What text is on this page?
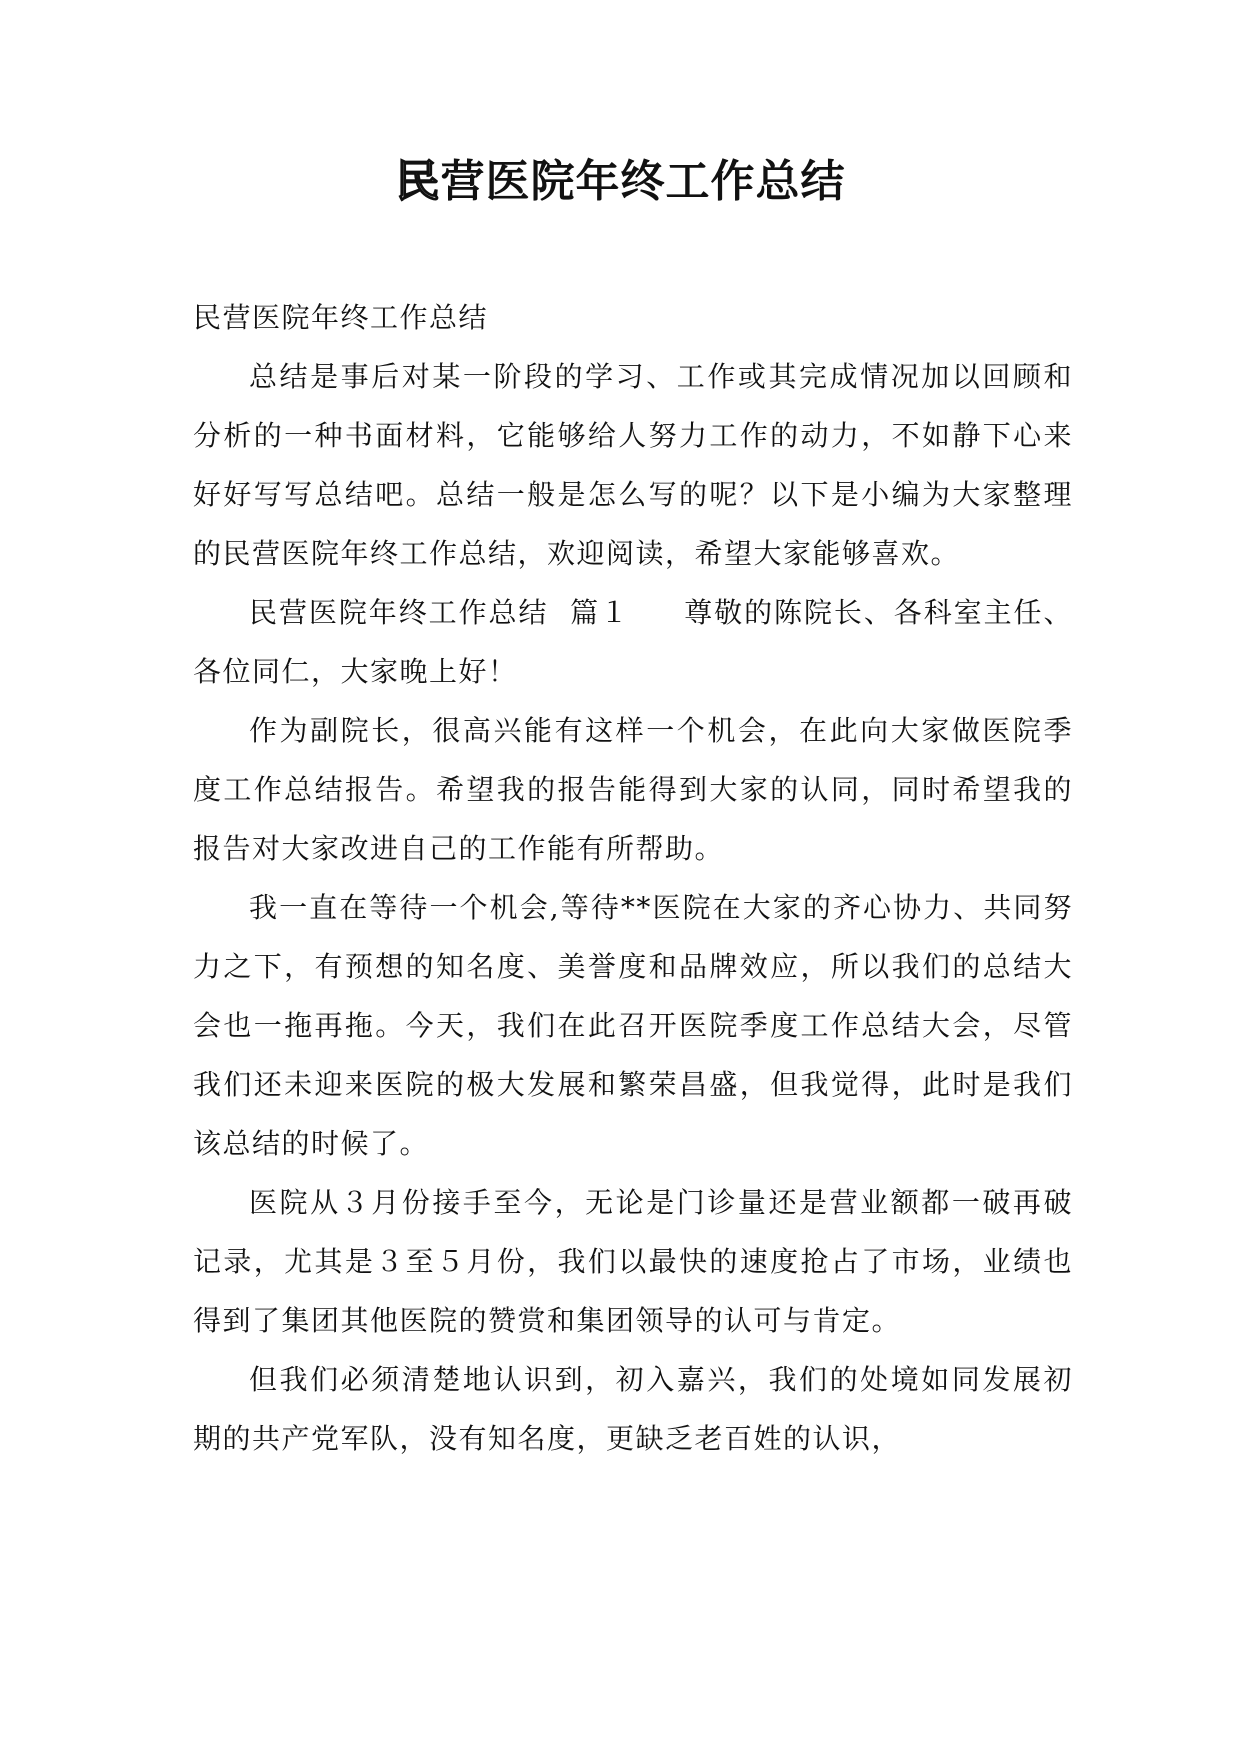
民营医院年终工作总结

民营医院年终工作总结

总结是事后对某一阶段的学习、工作或其完成情况加以回顾和分析的一种书面材料，它能够给人努力工作的动力，不如静下心来好好写写总结吧。总结一般是怎么写的呢？以下是小编为大家整理的民营医院年终工作总结，欢迎阅读，希望大家能够喜欢。

民营医院年终工作总结  篇１     尊敬的陈院长、各科室主任、各位同仁，大家晚上好！

作为副院长，很高兴能有这样一个机会，在此向大家做医院季度工作总结报告。希望我的报告能得到大家的认同，同时希望我的报告对大家改进自己的工作能有所帮助。

我一直在等待一个机会,等待**医院在大家的齐心协力、共同努力之下，有预想的知名度、美誉度和品牌效应，所以我们的总结大会也一拖再拖。今天，我们在此召开医院季度工作总结大会，尽管我们还未迎来医院的极大发展和繁荣昌盛，但我觉得，此时是我们该总结的时候了。

医院从３月份接手至今，无论是门诊量还是营业额都一破再破记录，尤其是３至５月份，我们以最快的速度抢占了市场，业绩也得到了集团其他医院的赞赏和集团领导的认可与肯定。

但我们必须清楚地认识到，初入嘉兴，我们的处境如同发展初期的共产党军队，没有知名度，更缺乏老百姓的认识，
